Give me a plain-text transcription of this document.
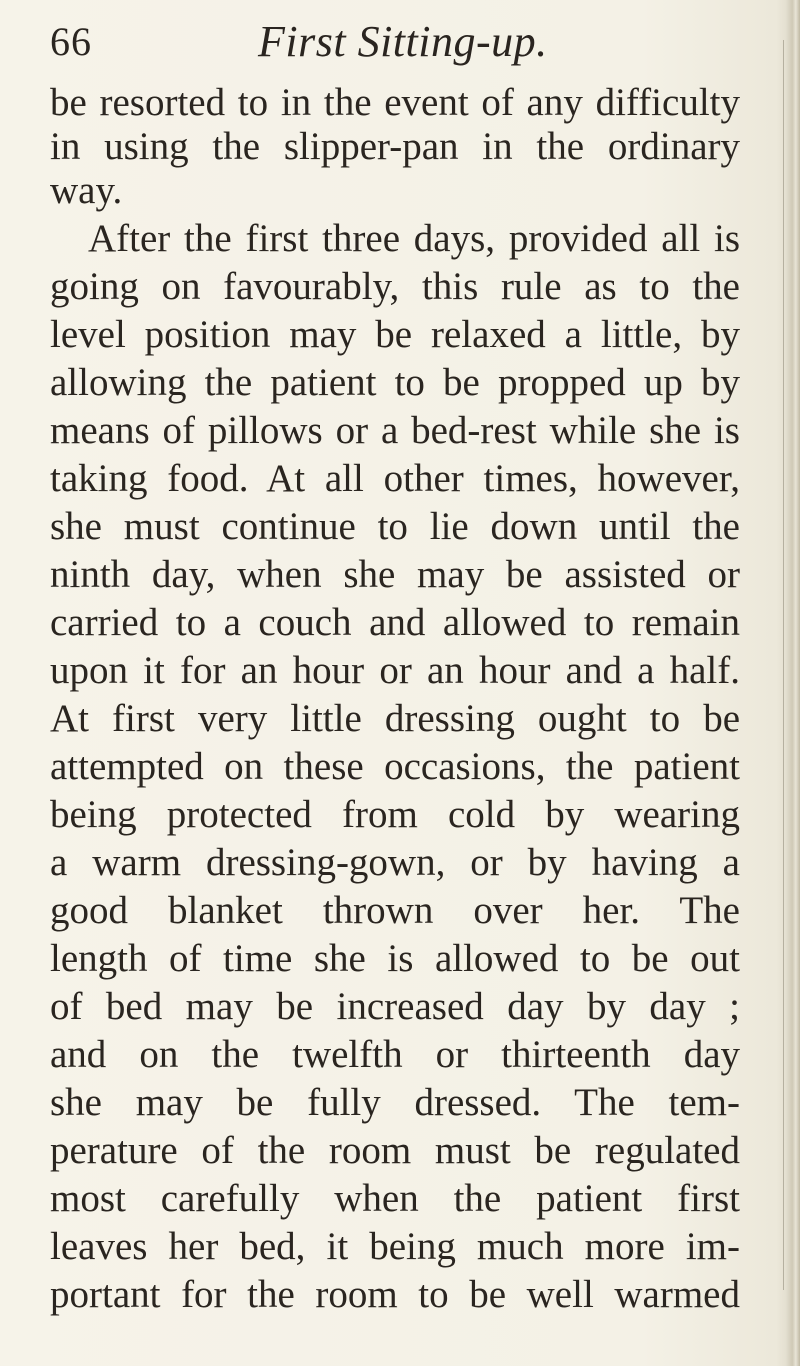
66	First Sitting-up.
be resorted to in the event of any difficulty
in using the slipper-pan in the ordinary
way.
After the first three days, provided all is
going on favourably, this rule as to the
level position may be relaxed a little, by
allowing the patient to be propped up by
means of pillows or a bed-rest while she is
taking food. At all other times, however,
she must continue to lie down until the
ninth day, when she may be assisted or
carried to a couch and allowed to remain
upon it for an hour or an hour and a half.
At first very little dressing ought to be
attempted on these occasions, the patient
being protected from cold by wearing
a warm dressing-gown, or by having a
good blanket thrown over her. The
length of time she is allowed to be out
of bed may be increased day by day ;
and on the twelfth or thirteenth day
she may be fully dressed. The tem-
perature of the room must be regulated
most carefully when the patient first
leaves her bed, it being much more im-
portant for the room to be well warmed
